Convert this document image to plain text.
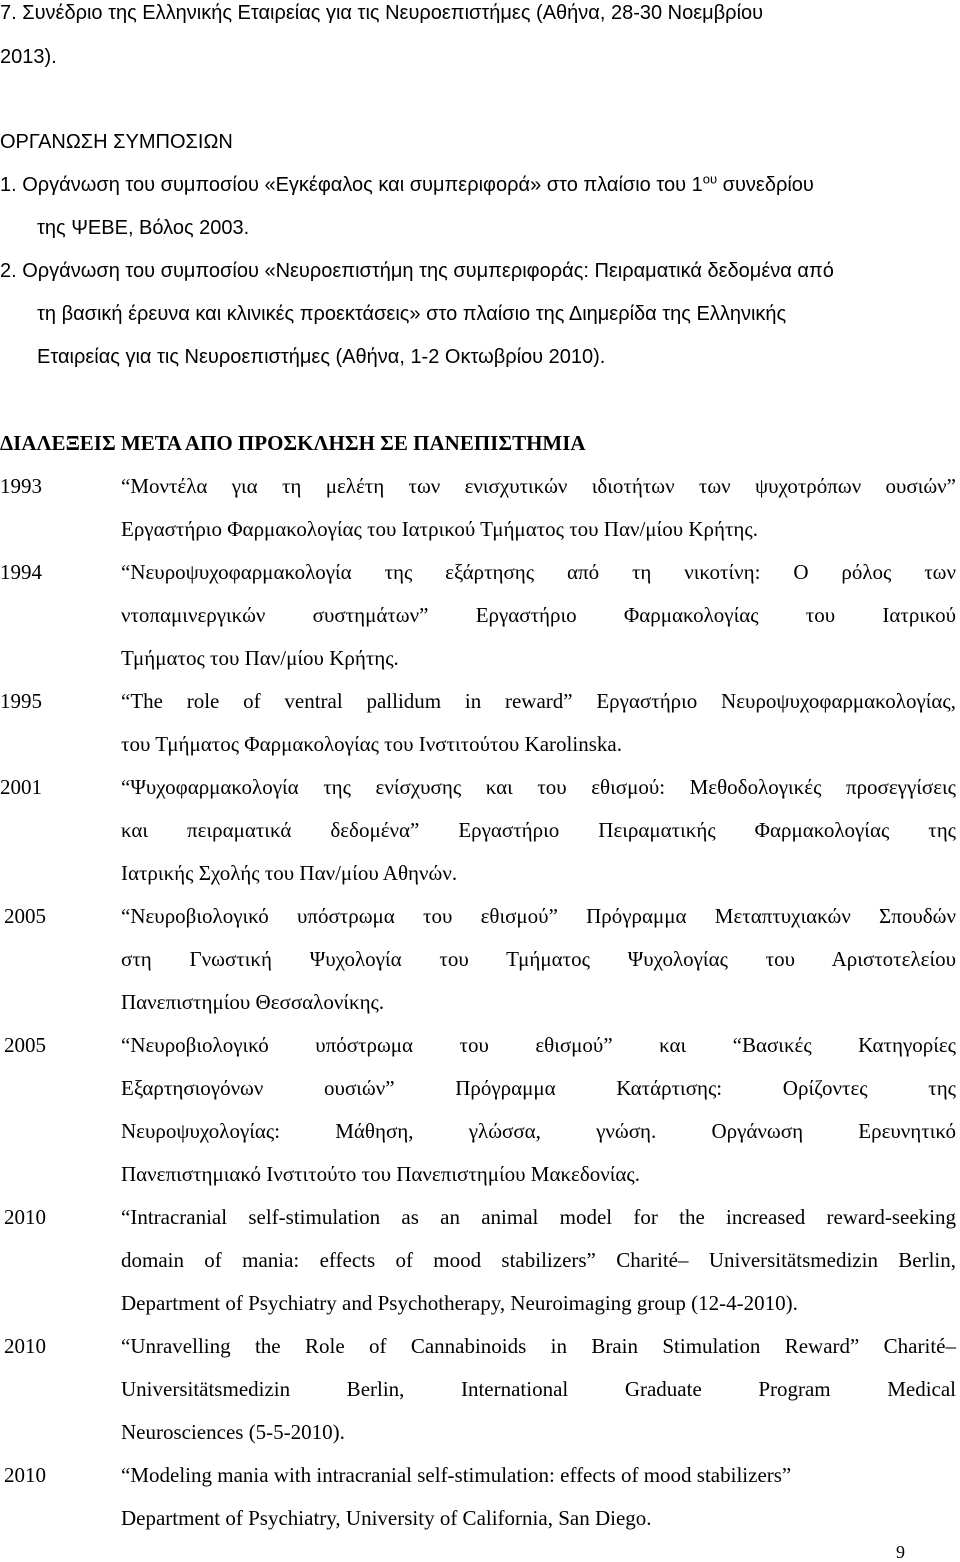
7. Συνέδριο της Ελληνικής Εταιρείας για τις Νευροεπιστήμες (Αθήνα, 28-30 Νοεμβρίου
2013).
ΟΡΓΑΝΩΣΗ ΣΥΜΠΟΣΙΩΝ
1. Οργάνωση του συμποσίου «Εγκέφαλος και συμπεριφορά» στο πλαίσιο του $1^{o\upsilon}$ συνεδρίου
της ΨΕΒΕ, Βόλος 2003.
2. Οργάνωση του συμποσίου «Νευροεπιστήμη της συμπεριφοράς: Πειραματικά δεδομένα από
τη βασική έρευνα και κλινικές προεκτάσεις» στο πλαίσιο της Διημερίδα της Ελληνικής
Εταιρείας για τις Νευροεπιστήμες (Αθήνα, 1-2 Οκτωβρίου 2010).
ΔΙΑΛΕΞΕΙΣ ΜΕΤΑ ΑΠΟ ΠΡΟΣΚΛΗΣΗ ΣΕ ΠΑΝΕΠΙΣΤΗΜΙΑ
1993	“Μοντέλα για τη μελέτη των ενισχυτικών ιδιοτήτων των ψυχοτρόπων ουσιών”
Εργαστήριο Φαρμακολογίας του Ιατρικού Τμήματος του Παν/μίου Κρήτης.
1994	“Νευροψυχοφαρμακολογία της εξάρτησης από τη νικοτίνη: Ο ρόλος των
ντοπαμινεργικών συστημάτων” Εργαστήριο Φαρμακολογίας του Ιατρικού
Τμήματος του Παν/μίου Κρήτης.
1995	“The role of ventral pallidum in reward” Εργαστήριο Νευροψυχοφαρμακολογίας,
του Τμήματος Φαρμακολογίας του Ινστιτούτου Karolinska.
2001	“Ψυχοφαρμακολογία της ενίσχυσης και του εθισμού: Μεθοδολογικές προσεγγίσεις
και πειραματικά δεδομένα” Εργαστήριο Πειραματικής Φαρμακολογίας της
Ιατρικής Σχολής του Παν/μίου Αθηνών.
2005	“Νευροβιολογικό υπόστρωμα του εθισμού” Πρόγραμμα Μεταπτυχιακών Σπουδών
στη Γνωστική Ψυχολογία του Τμήματος Ψυχολογίας του Αριστοτελείου
Πανεπιστημίου Θεσσαλονίκης.
2005	“Νευροβιολογικό υπόστρωμα του εθισμού” και “Βασικές Κατηγορίες
Εξαρτησιογόνων ουσιών” Πρόγραμμα Κατάρτισης: Ορίζοντες της
Νευροψυχολογίας: Μάθηση, γλώσσα, γνώση. Οργάνωση Ερευνητικό
Πανεπιστημιακό Ινστιτούτο του Πανεπιστημίου Μακεδονίας.
2010	“Intracranial self-stimulation as an animal model for the increased reward-seeking
domain of mania: effects of mood stabilizers” Charité– Universitätsmedizin Berlin,
Department of Psychiatry and Psychotherapy, Neuroimaging group (12-4-2010).
2010	“Unravelling the Role of Cannabinoids in Brain Stimulation Reward” Charité–
Universitätsmedizin Berlin, International Graduate Program Medical
Neurosciences (5-5-2010).
2010	“Modeling mania with intracranial self-stimulation: effects of mood stabilizers”
Department of Psychiatry, University of California, San Diego.
9
